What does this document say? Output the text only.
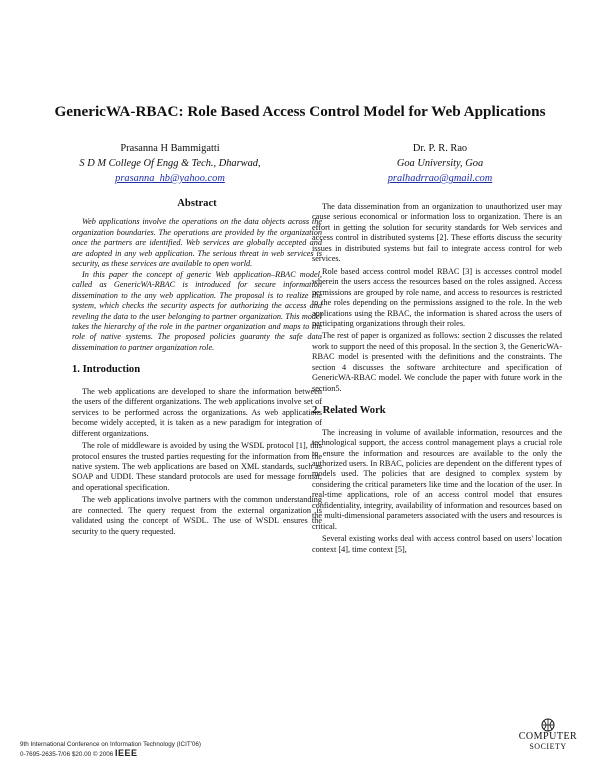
GenericWA-RBAC: Role Based Access Control Model for Web Applications
Prasanna H Bammigatti
S D M College Of Engg & Tech., Dharwad,
prasanna_hb@yahoo.com
Dr. P. R. Rao
Goa University, Goa
pralhadrrao@gmail.com
Abstract

Web applications involve the operations on the data objects across the organization boundaries. The operations are provided by the organization once the partners are identified. Web services are globally accepted and are adopted in any web application. The serious threat in web services is security, as these services are available to open world.

In this paper the concept of generic Web application–RBAC model, called as GenericWA-RBAC is introduced for secure information dissemination to the any web application. The proposal is to realize the system, which checks the security aspects for authorizing the access and reveling the data to the user belonging to partner organization. This model takes the hierarchy of the role in the partner organization and maps to the role of native systems. The proposed policies guaranty the safe data dissemination to partner organization role.

1. Introduction

The web applications are developed to share the information between the users of the different organizations. The web applications involve set of services to be performed across the organizations. As web applications become widely accepted, it is taken as a new paradigm for integration of different organizations.

The role of middleware is avoided by using the WSDL protocol [1], this protocol ensures the trusted parties requesting for the information from the native system. The web applications are based on XML standards, such as SOAP and UDDI. These standard protocols are used for message format, and operational specification.

The web applications involve partners with the common understanding are connected. The query request from the external organization is validated using the concept of WSDL. The use of WSDL ensures the security to the query requested.

The data dissemination from an organization to unauthorized user may cause serious economical or information loss to organization. There is an effort in getting the solution for security standards for Web services and access control in distributed systems [2]. These efforts discuss the security issues in distributed systems but fail to integrate access control for web services.

Role based access control model RBAC [3] is accesses control model wherein the users access the resources based on the roles assigned. Access permissions are grouped by role name, and access to resources is restricted to the roles depending on the permissions assigned to the role. In the web applications using the RBAC, the information is shared across the users of participating organizations through their roles.

The rest of paper is organized as follows: section 2 discusses the related work to support the need of this proposal. In the section 3, the GenericWA-RBAC model is presented with the definitions and the constraints. The section 4 discusses the software architecture and specification of GenericWA-RBAC model. We conclude the paper with future work in the section5.

2. Related Work

The increasing in volume of available information, resources and the technological support, the access control management plays a crucial role to ensure the information and resources are available to the only the authorized users. In RBAC, policies are dependent on the different types of models used. The policies that are designed to complex system by considering the critical parameters like time and the location of the user. In real-time applications, role of an access control model that ensures confidentiality, integrity, availability of information and resources based on the multi-dimensional parameters associated with the users and resources is critical.

Several existing works deal with access control based on users' location context [4], time context [5],

9th International Conference on Information Technology (ICIT'06)
0-7695-2635-7/06 $20.00 © 2006 IEEE
COMPUTER
SOCIETY
